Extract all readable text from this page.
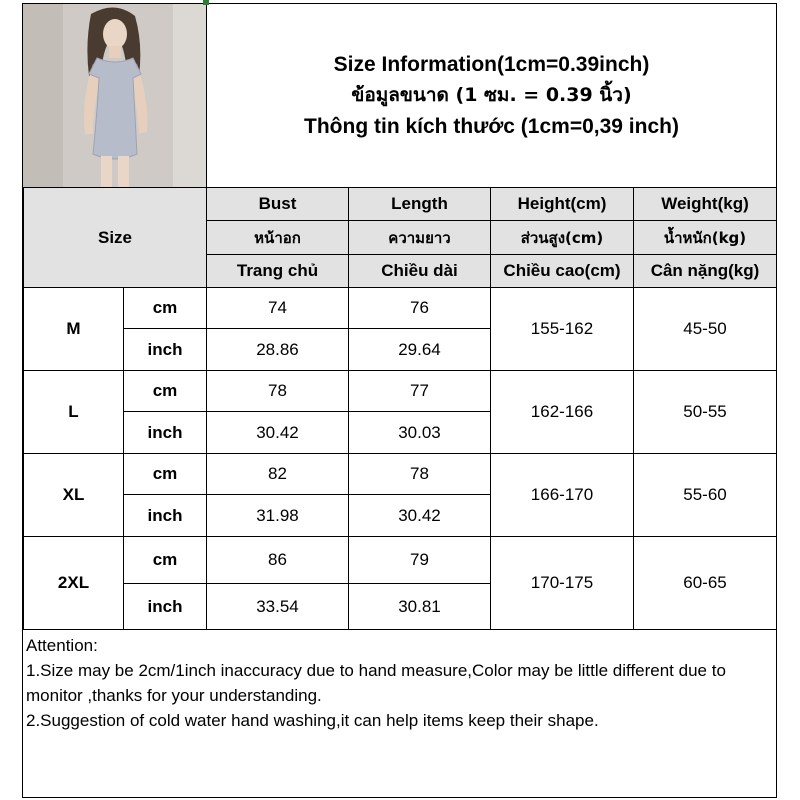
Size Information(1cm=0.39inch)
ข้อมูลขนาด (1 ซม. = 0.39 นิ้ว)
Thông tin kích thước (1cm=0,39 inch)
Size		Bust	Length	Height(cm)	Weight(kg)
		หน้าอก	ความยาว	ส่วนสูง(cm)	น้ำหนัก(kg)
		Trang chủ	Chiều dài	Chiều cao(cm)	Cân nặng(kg)
M	cm	74	76	155-162	45-50
	inch	28.86	29.64		
L	cm	78	77	162-166	50-55
	inch	30.42	30.03		
XL	cm	82	78	166-170	55-60
	inch	31.98	30.42		
2XL	cm	86	79	170-175	60-65
	inch	33.54	30.81		
Attention:
1.Size may be 2cm/1inch inaccuracy due to hand measure,Color may be little different due to monitor ,thanks for your understanding.
2.Suggestion of cold water hand washing,it can help items keep their shape.
